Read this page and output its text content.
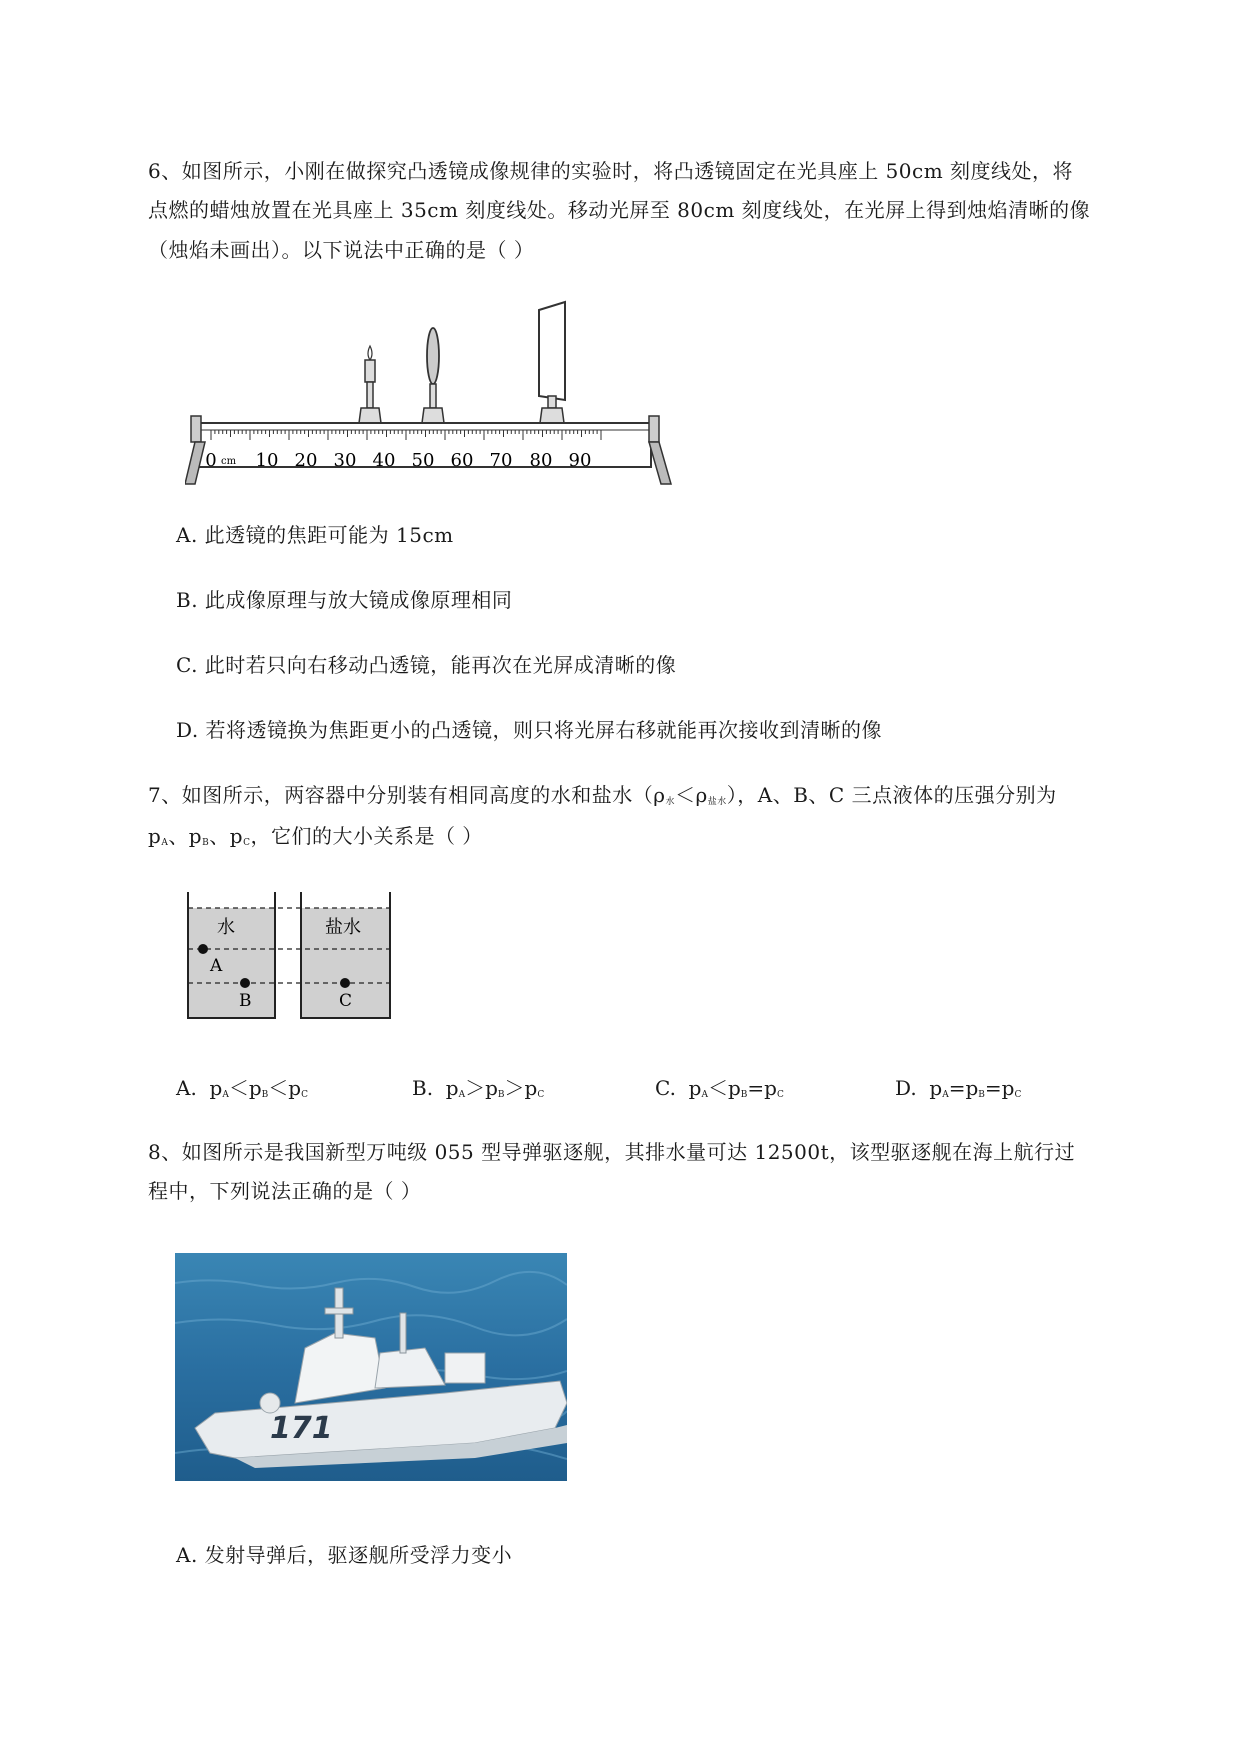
6、如图所示，小刚在做探究凸透镜成像规律的实验时，将凸透镜固定在光具座上 50cm 刻度线处，将
点燃的蜡烛放置在光具座上 35cm 刻度线处。移动光屏至 80cm 刻度线处，在光屏上得到烛焰清晰的像
（烛焰未画出）。以下说法中正确的是（ ）
cm
0 10 20 30 40 50 60 70 80 90
A. 此透镜的焦距可能为 15cm
B. 此成像原理与放大镜成像原理相同
C. 此时若只向右移动凸透镜，能再次在光屏成清晰的像
D. 若将透镜换为焦距更小的凸透镜，则只将光屏右移就能再次接收到清晰的像
7、如图所示，两容器中分别装有相同高度的水和盐水$(\rho_水<\rho_{盐水})$，A、B、C 三点液体的压强分别为
$p_A$、$p_B$、$p_C$，它们的大小关系是（ ）
水	盐水
A
B	C
A. $p_A<p_B<p_C$	B. $p_A>p_B>p_C$	C. $p_A<p_B=p_C$	D. $p_A=p_B=p_C$
8、如图所示是我国新型万吨级 055 型导弹驱逐舰，其排水量可达 12500t，该型驱逐舰在海上航行过
程中，下列说法正确的是（ ）
171
A. 发射导弹后，驱逐舰所受浮力变小
